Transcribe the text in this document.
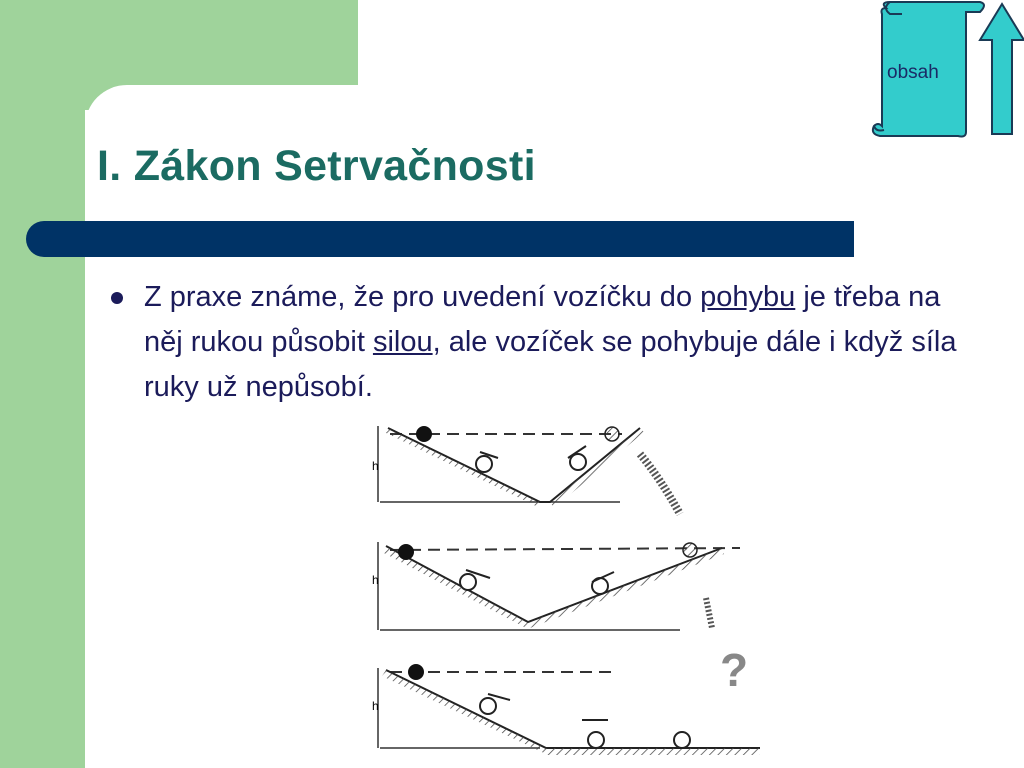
I. Zákon Setrvačnosti
Z praxe známe, že pro uvedení vozíčku do pohybu je třeba na něj rukou působit silou, ale vozíček se pohybuje dále i když síla ruky už nepůsobí.
obsah
h
h
?
h
